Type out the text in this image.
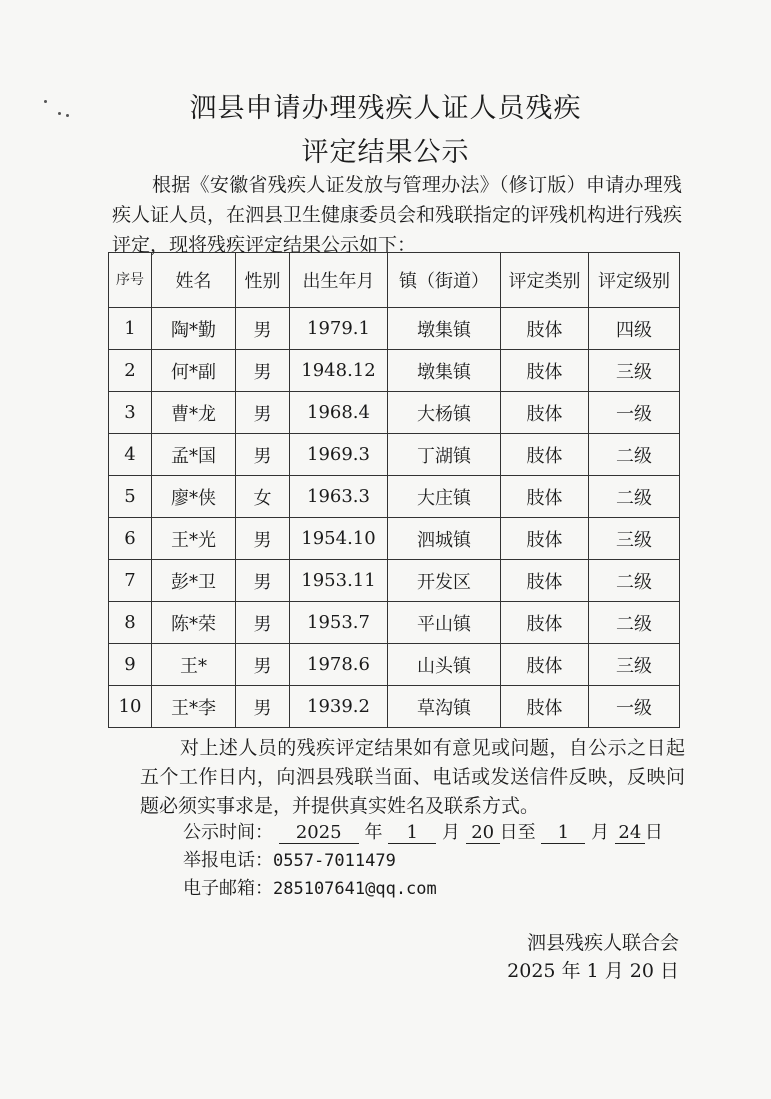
泗县申请办理残疾人证人员残疾
评定结果公示

根据《安徽省残疾人证发放与管理办法》（修订版）申请办理残疾人证人员，在泗县卫生健康委员会和残联指定的评残机构进行残疾评定，现将残疾评定结果公示如下：

序号	姓名	性别	出生年月	镇（街道）	评定类别	评定级别
1	陶*勤	男	1979.1	墩集镇	肢体	四级
2	何*副	男	1948.12	墩集镇	肢体	三级
3	曹*龙	男	1968.4	大杨镇	肢体	一级
4	孟*国	男	1969.3	丁湖镇	肢体	二级
5	廖*侠	女	1963.3	大庄镇	肢体	二级
6	王*光	男	1954.10	泗城镇	肢体	三级
7	彭*卫	男	1953.11	开发区	肢体	二级
8	陈*荣	男	1953.7	平山镇	肢体	二级
9	王*	男	1978.6	山头镇	肢体	三级
10	王*李	男	1939.2	草沟镇	肢体	一级

对上述人员的残疾评定结果如有意见或问题，自公示之日起五个工作日内，向泗县残联当面、电话或发送信件反映，反映问题必须实事求是，并提供真实姓名及联系方式。

公示时间： 2025 年 1 月 20 日至 1 月 24 日
举报电话：0557-7011479
电子邮箱：285107641@qq.com
泗县残疾人联合会
2025 年 1 月 20 日
